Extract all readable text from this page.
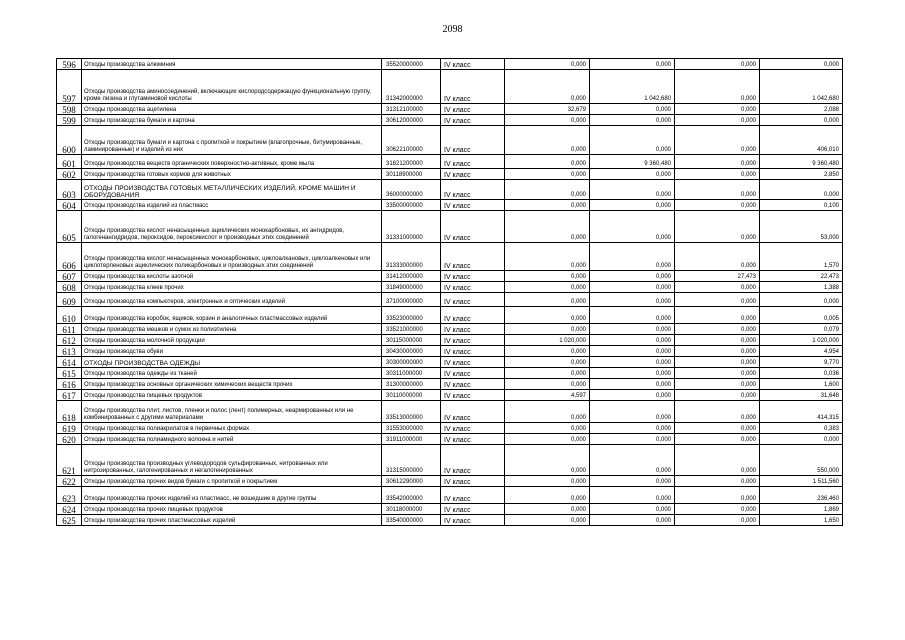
2098
596	Отходы производства алюминия	35520000000	IV класс	0,000	0,000	0,000	0,000
597	Отходы производства аминосоединений, включающих кислородсодержащую функциональную группу, кроме лизина и глутаминовой кислоты	31342000000	IV класс	0,000	1 042,680	0,000	1 042,680
598	Отходы производства ацетилена	31312100000	IV класс	32,679	0,000	0,000	2,088
599	Отходы производства бумаги и картона	30612000000	IV класс	0,000	0,000	0,000	0,000
600	Отходы производства бумаги и картона с пропиткой и покрытием (влагопрочные, битумированные, ламинированные) и изделий из них	30622100000	IV класс	0,000	0,000	0,000	406,010
601	Отходы производства веществ органических поверхностно-активных, кроме мыла	31821200000	IV класс	0,000	9 360,480	0,000	9 360,480
602	Отходы производства готовых кормов для животных	30118900000	IV класс	0,000	0,000	0,000	2,850
603	ОТХОДЫ ПРОИЗВОДСТВА ГОТОВЫХ МЕТАЛЛИЧЕСКИХ ИЗДЕЛИЙ, КРОМЕ МАШИН И ОБОРУДОВАНИЯ	36000000000	IV класс	0,000	0,000	0,000	0,000
604	Отходы производства изделий из пластмасс	33500000000	IV класс	0,000	0,000	0,000	0,100
605	Отходы производства кислот ненасыщенных ациклических монокарбоновых, их ангидридов, галогенангидридов, пероксидов, пероксикислот и производных этих соединений	31331000000	IV класс	0,000	0,000	0,000	53,000
606	Отходы производства кислот ненасыщенных монокарбоновых, циклоалкановых, циклоалкеновых или циклотерпеновых ациклических поликарбоновых и производных этих соединений	31333000000	IV класс	0,000	0,000	0,000	1,570
607	Отходы производства кислоты азотной	31412000000	IV класс	0,000	0,000	27,473	22,473
608	Отходы производства клеев прочих	31849000000	IV класс	0,000	0,000	0,000	1,388
609	Отходы производства компьютеров, электронных и оптических изделий	37100000000	IV класс	0,000	0,000	0,000	0,000
610	Отходы производства коробок, ящиков, корзин и аналогичных пластмассовых изделий	33523000000	IV класс	0,000	0,000	0,000	0,005
611	Отходы производства мешков и сумок из полиэтилена	33521000000	IV класс	0,000	0,000	0,000	0,079
612	Отходы производства молочной продукции	30115000000	IV класс	1 020,000	0,000	0,000	1 020,000
613	Отходы производства обуви	30430000000	IV класс	0,000	0,000	0,000	4,954
614	ОТХОДЫ ПРОИЗВОДСТВА ОДЕЖДЫ	30300000000	IV класс	0,000	0,000	0,000	9,770
615	Отходы производства одежды из тканей	30311000000	IV класс	0,000	0,000	0,000	0,036
616	Отходы производства основных органических химических веществ прочих	31300000000	IV класс	0,000	0,000	0,000	1,600
617	Отходы производства пищевых продуктов	30110000000	IV класс	4,597	0,000	0,000	31,648
618	Отходы производства плит, листов, пленки и полос (лент) полимерных, неармированных или не комбинированных с другими материалами	33513000000	IV класс	0,000	0,000	0,000	414,315
619	Отходы производства полиакрилатов в первичных формах	31553000000	IV класс	0,000	0,000	0,000	0,383
620	Отходы производства полиамидного волокна и нитей	31911000000	IV класс	0,000	0,000	0,000	0,000
621	Отходы производства производных углеводородов сульфированных, нитрованных или нитрозированных, галогенированных и негалогенированных	31315000000	IV класс	0,000	0,000	0,000	550,000
622	Отходы производства прочих видов бумаги с пропиткой и покрытием	30612290000	IV класс	0,000	0,000	0,000	1 511,560
623	Отходы производства прочих изделий из пластмасс, не вошедшие в другие группы	33542000000	IV класс	0,000	0,000	0,000	236,460
624	Отходы производства прочих пищевых продуктов	30118000000	IV класс	0,000	0,000	0,000	1,869
625	Отходы производства прочих пластмассовых изделий	33540000000	IV класс	0,000	0,000	0,000	1,650
